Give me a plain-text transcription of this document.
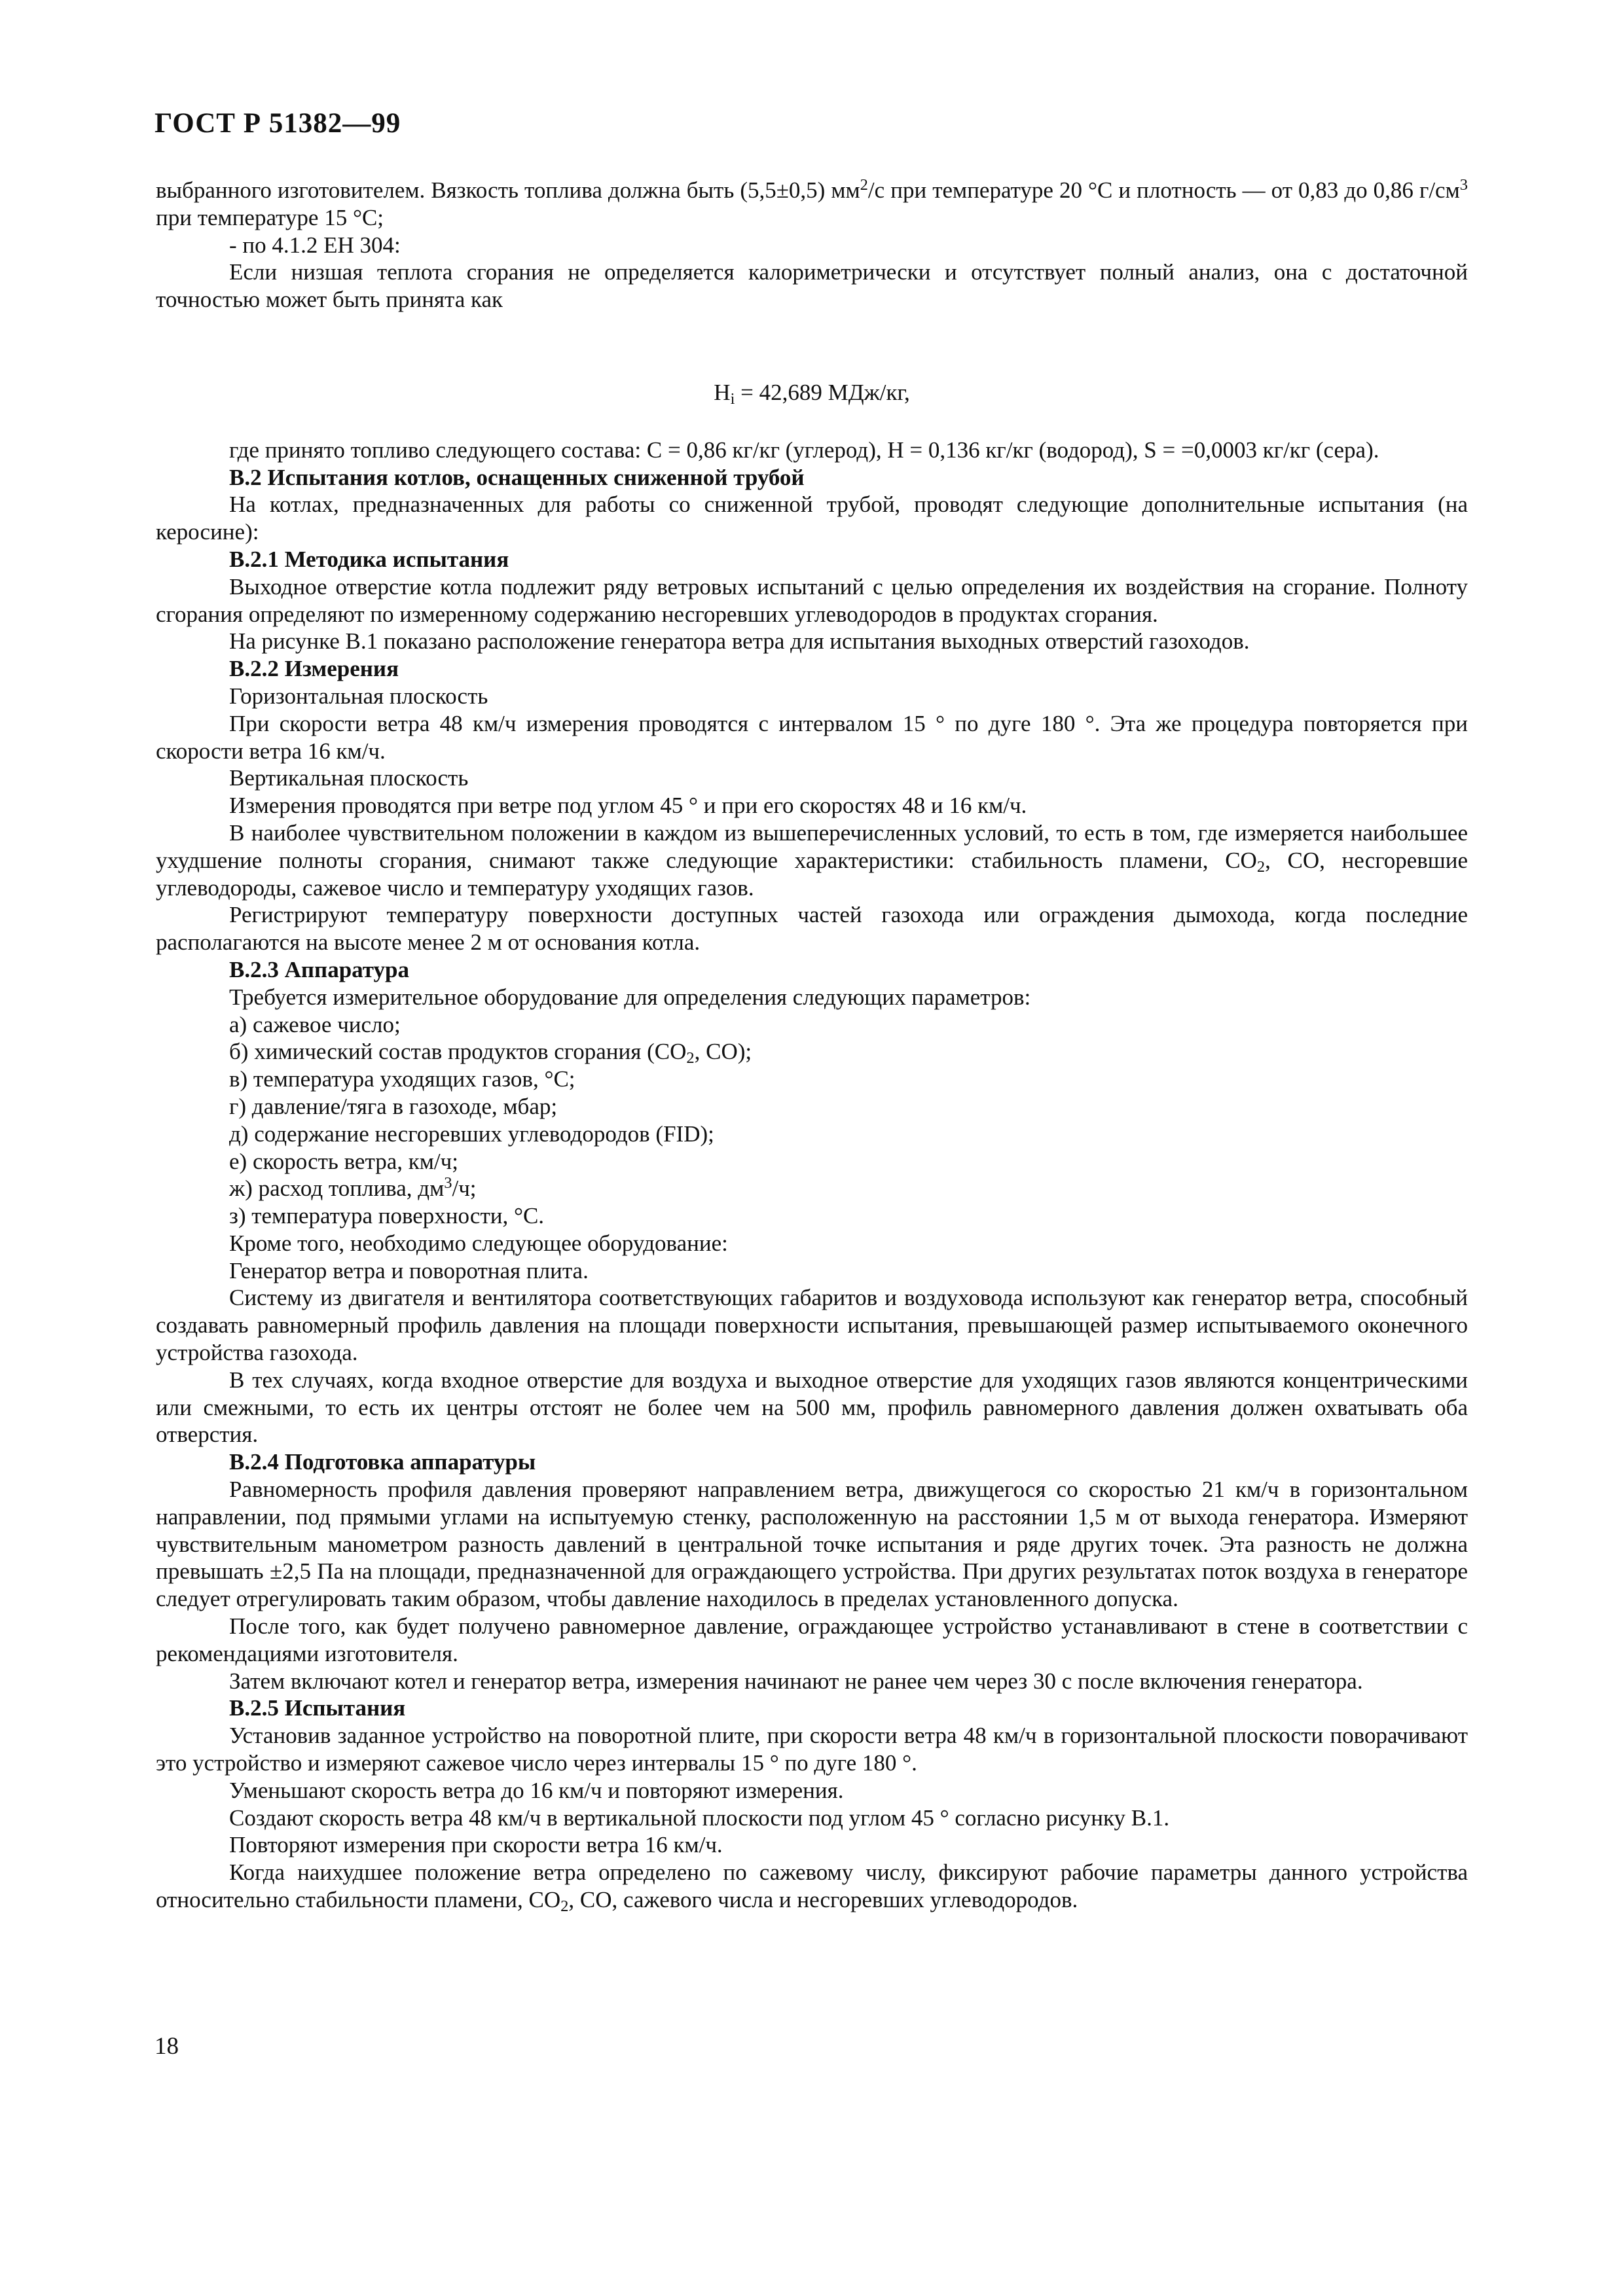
ГОСТ Р 51382—99

выбранного изготовителем. Вязкость топлива должна быть (5,5±0,5) $мм^2/с$ при температуре 20 °С и плотность — от 0,83 до 0,86 $г/см^3$ при температуре 15 °С;

- по 4.1.2 ЕН 304:

Если низшая теплота сгорания не определяется калориметрически и отсутствует полный анализ, она с достаточной точностью может быть принята как

$H_i = 42,689$ МДж/кг,

где принято топливо следующего состава: С = 0,86 кг/кг (углерод), Н = 0,136 кг/кг (водород), S = =0,0003 кг/кг (сера).

B.2 Испытания котлов, оснащенных сниженной трубой

На котлах, предназначенных для работы со сниженной трубой, проводят следующие дополнительные испытания (на керосине):

B.2.1 Методика испытания

Выходное отверстие котла подлежит ряду ветровых испытаний с целью определения их воздействия на сгорание. Полноту сгорания определяют по измеренному содержанию несгоревших углеводородов в продуктах сгорания.

На рисунке В.1 показано расположение генератора ветра для испытания выходных отверстий газоходов.

B.2.2 Измерения

Горизонтальная плоскость

При скорости ветра 48 км/ч измерения проводятся с интервалом 15 ° по дуге 180 °. Эта же процедура повторяется при скорости ветра 16 км/ч.

Вертикальная плоскость

Измерения проводятся при ветре под углом 45 ° и при его скоростях 48 и 16 км/ч.

В наиболее чувствительном положении в каждом из вышеперечисленных условий, то есть в том, где измеряется наибольшее ухудшение полноты сгорания, снимают также следующие характеристики: стабильность пламени, $СО_2$, СО, несгоревшие углеводороды, сажевое число и температуру уходящих газов.

Регистрируют температуру поверхности доступных частей газохода или ограждения дымохода, когда последние располагаются на высоте менее 2 м от основания котла.

B.2.3 Аппаратура

Требуется измерительное оборудование для определения следующих параметров:

а) сажевое число;

б) химический состав продуктов сгорания ($СО_2$, СО);

в) температура уходящих газов, °С;

г) давление/тяга в газоходе, мбар;

д) содержание несгоревших углеводородов (FID);

е) скорость ветра, км/ч;

ж) расход топлива, $дм^3/ч$;

з) температура поверхности, °С.

Кроме того, необходимо следующее оборудование:

Генератор ветра и поворотная плита.

Систему из двигателя и вентилятора соответствующих габаритов и воздуховода используют как генератор ветра, способный создавать равномерный профиль давления на площади поверхности испытания, превышающей размер испытываемого оконечного устройства газохода.

В тех случаях, когда входное отверстие для воздуха и выходное отверстие для уходящих газов являются концентрическими или смежными, то есть их центры отстоят не более чем на 500 мм, профиль равномерного давления должен охватывать оба отверстия.

B.2.4 Подготовка аппаратуры

Равномерность профиля давления проверяют направлением ветра, движущегося со скоростью 21 км/ч в горизонтальном направлении, под прямыми углами на испытуемую стенку, расположенную на расстоянии 1,5 м от выхода генератора. Измеряют чувствительным манометром разность давлений в центральной точке испытания и ряде других точек. Эта разность не должна превышать ±2,5 Па на площади, предназначенной для ограждающего устройства. При других результатах поток воздуха в генераторе следует отрегулировать таким образом, чтобы давление находилось в пределах установленного допуска.

После того, как будет получено равномерное давление, ограждающее устройство устанавливают в стене в соответствии с рекомендациями изготовителя.

Затем включают котел и генератор ветра, измерения начинают не ранее чем через 30 с после включения генератора.

B.2.5 Испытания

Установив заданное устройство на поворотной плите, при скорости ветра 48 км/ч в горизонтальной плоскости поворачивают это устройство и измеряют сажевое число через интервалы 15 ° по дуге 180 °.

Уменьшают скорость ветра до 16 км/ч и повторяют измерения.

Создают скорость ветра 48 км/ч в вертикальной плоскости под углом 45 ° согласно рисунку В.1.

Повторяют измерения при скорости ветра 16 км/ч.

Когда наихудшее положение ветра определено по сажевому числу, фиксируют рабочие параметры данного устройства относительно стабильности пламени, $СО_2$, СО, сажевого числа и несгоревших углеводородов.

18
